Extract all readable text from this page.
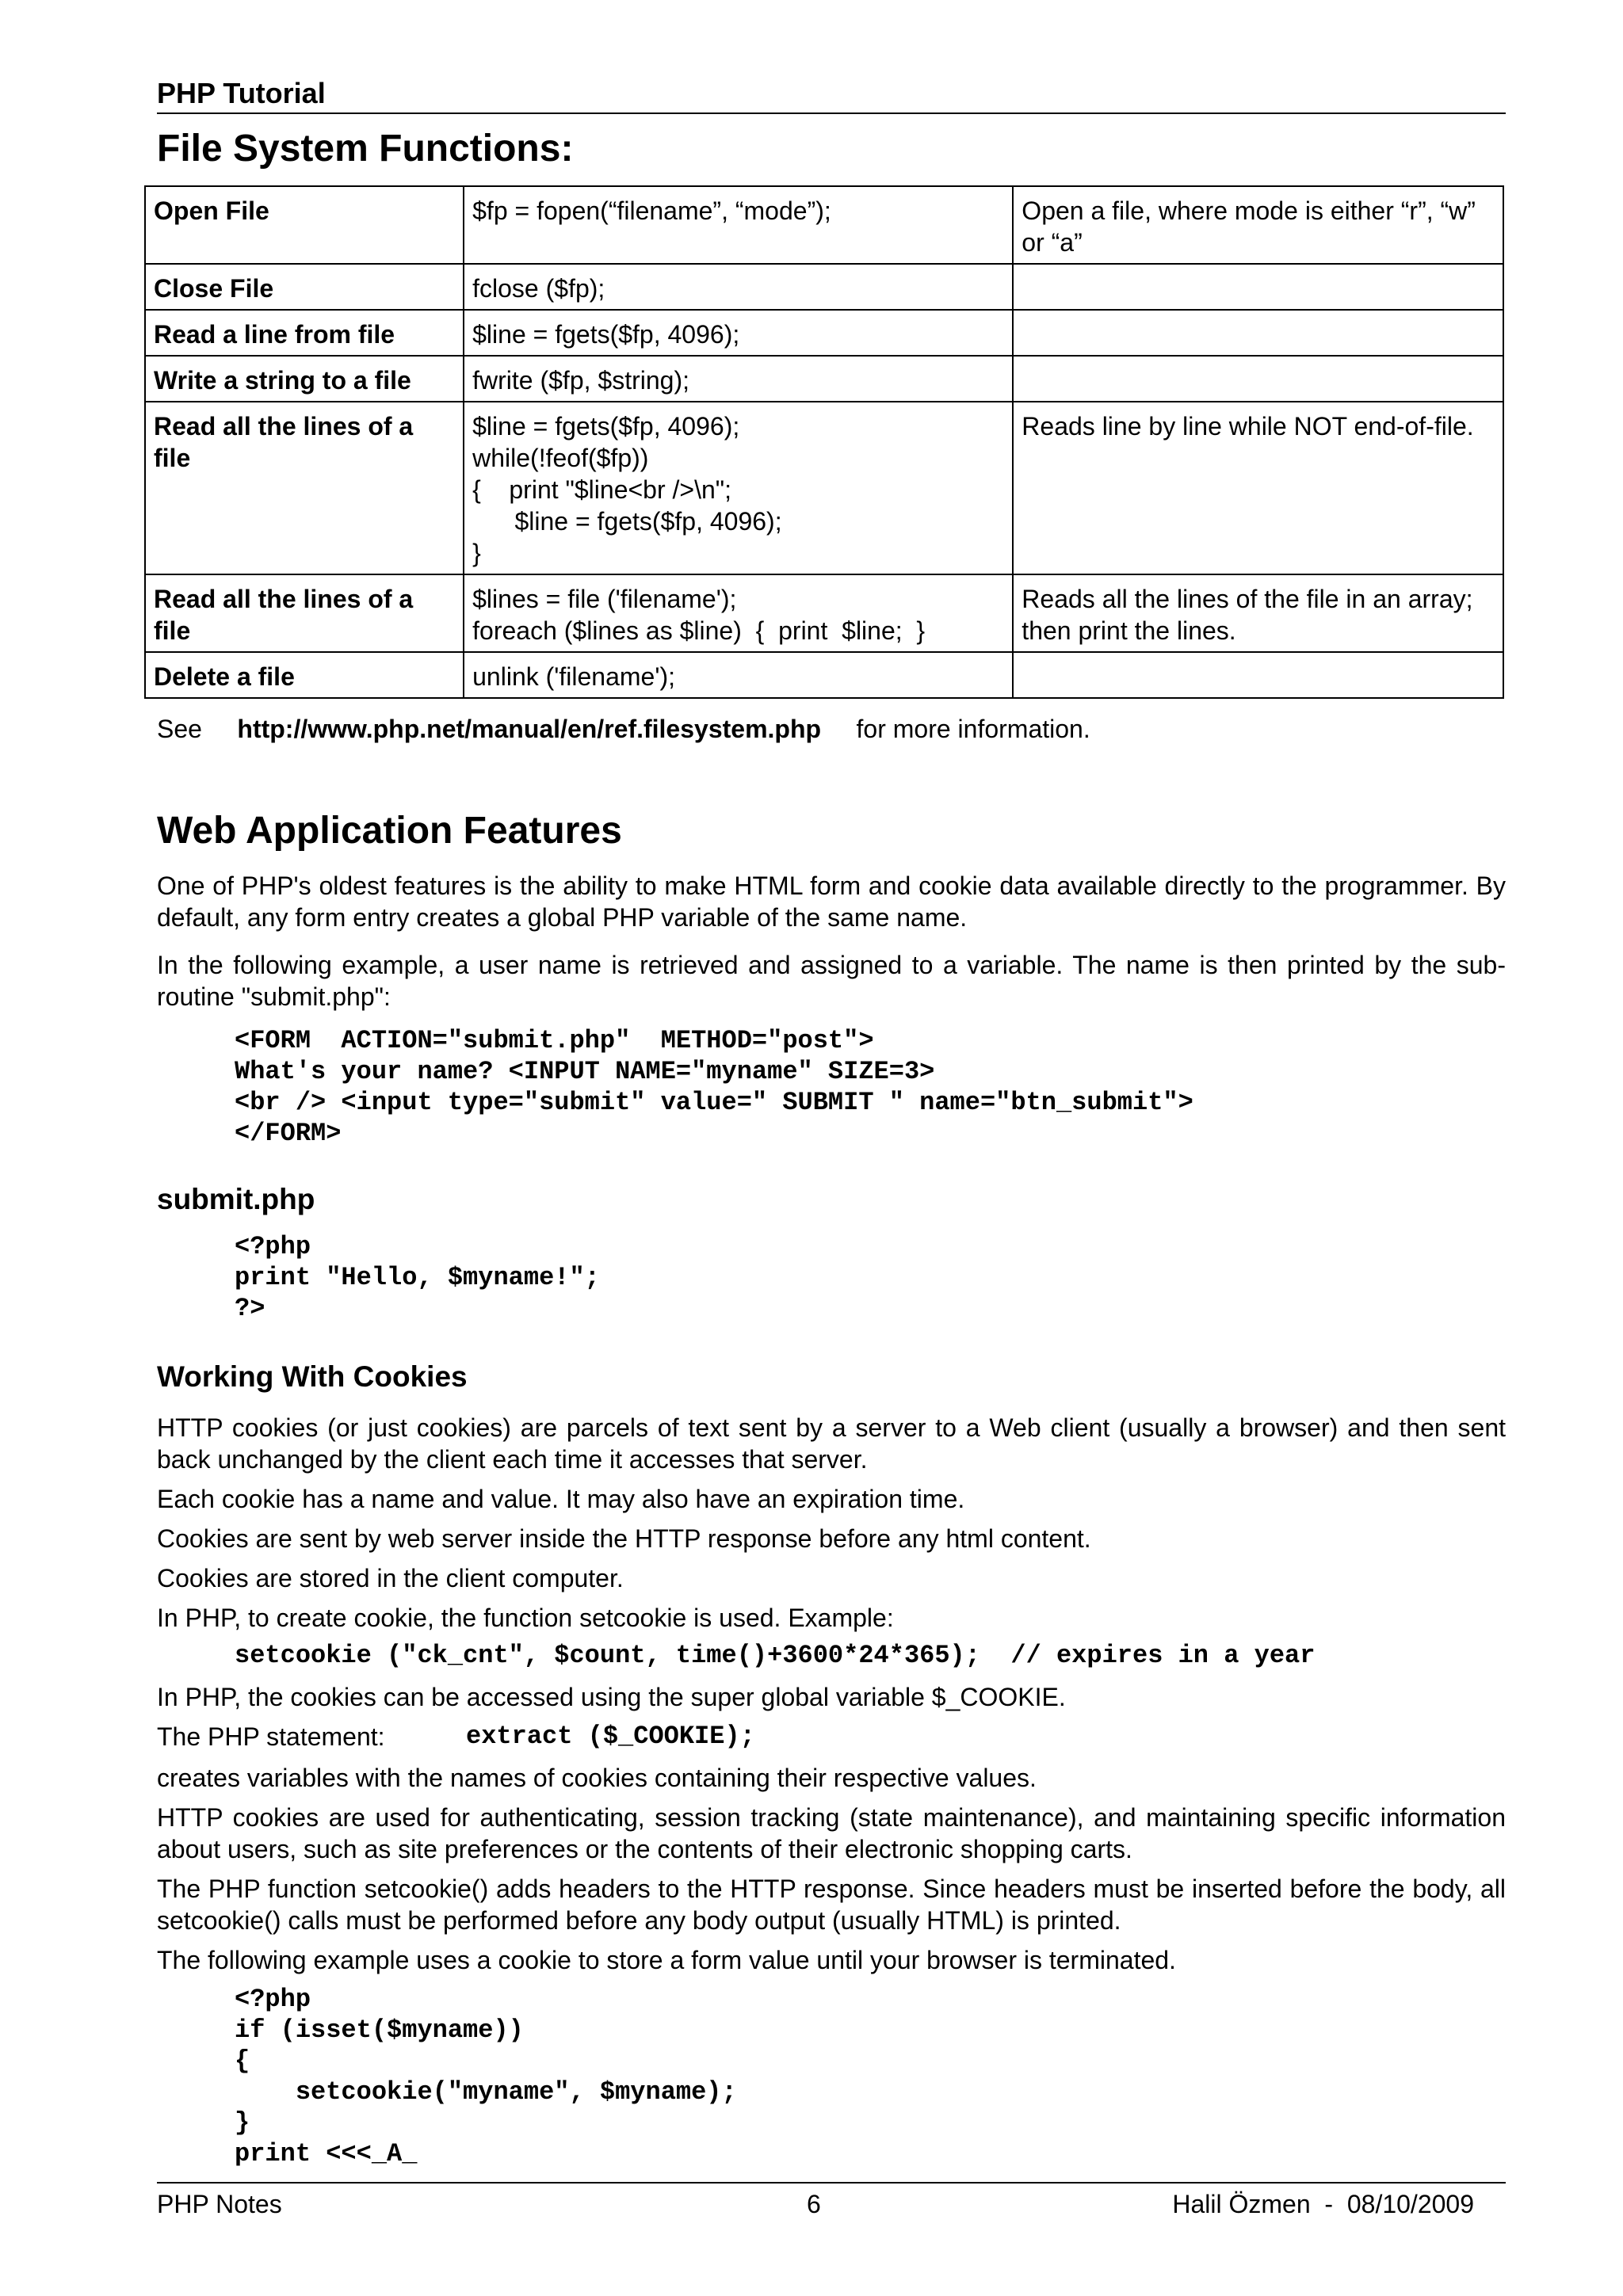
PHP Tutorial
File System Functions:
Open File	$fp = fopen(“filename”, “mode”);	Open a file, where mode is either “r”, “w” or “a”
Close File	fclose ($fp);	
Read a line from file	$line = fgets($fp, 4096);	
Write a string to a file	fwrite ($fp, $string);	
Read all the lines of a file	$line = fgets($fp, 4096);
while(!feof($fp))
{    print "$line<br />\n";
$line = fgets($fp, 4096);
}	Reads line by line while NOT end-of-file.
Read all the lines of a file	$lines = file ('filename');
foreach ($lines as $line)  {  print  $line;  }	Reads all the lines of the file in an array; then print the lines.
Delete a file	unlink ('filename');	
See http://www.php.net/manual/en/ref.filesystem.php for more information.
Web Application Features
One of PHP's oldest features is the ability to make HTML form and cookie data available directly to the programmer. By default, any form entry creates a global PHP variable of the same name.
In the following example, a user name is retrieved and assigned to a variable. The name is then printed by the sub-routine "submit.php":
<FORM  ACTION="submit.php"  METHOD="post">
What's your name? <INPUT NAME="myname" SIZE=3>
<br /> <input type="submit" value=" SUBMIT " name="btn_submit">
</FORM>
submit.php
<?php
print "Hello, $myname!";
?>
Working With Cookies
HTTP cookies (or just cookies) are parcels of text sent by a server to a Web client (usually a browser) and then sent back unchanged by the client each time it accesses that server.
Each cookie has a name and value. It may also have an expiration time.
Cookies are sent by web server inside the HTTP response before any html content.
Cookies are stored in the client computer.
In PHP, to create cookie, the function setcookie is used. Example:
setcookie ("ck_cnt", $count, time()+3600*24*365);  // expires in a year
In PHP, the cookies can be accessed using the super global variable $_COOKIE.
The PHP statement:	extract ($_COOKIE);
creates variables with the names of cookies containing their respective values.
HTTP cookies are used for authenticating, session tracking (state maintenance), and maintaining specific information about users, such as site preferences or the contents of their electronic shopping carts.
The PHP function setcookie() adds headers to the HTTP response. Since headers must be inserted before the body, all setcookie() calls must be performed before any body output (usually HTML) is printed.
The following example uses a cookie to store a form value until your browser is terminated.
<?php
if (isset($myname))
{
setcookie("myname", $myname);
}
print <<<_A_
PHP Notes	6	Halil Özmen  -  08/10/2009
